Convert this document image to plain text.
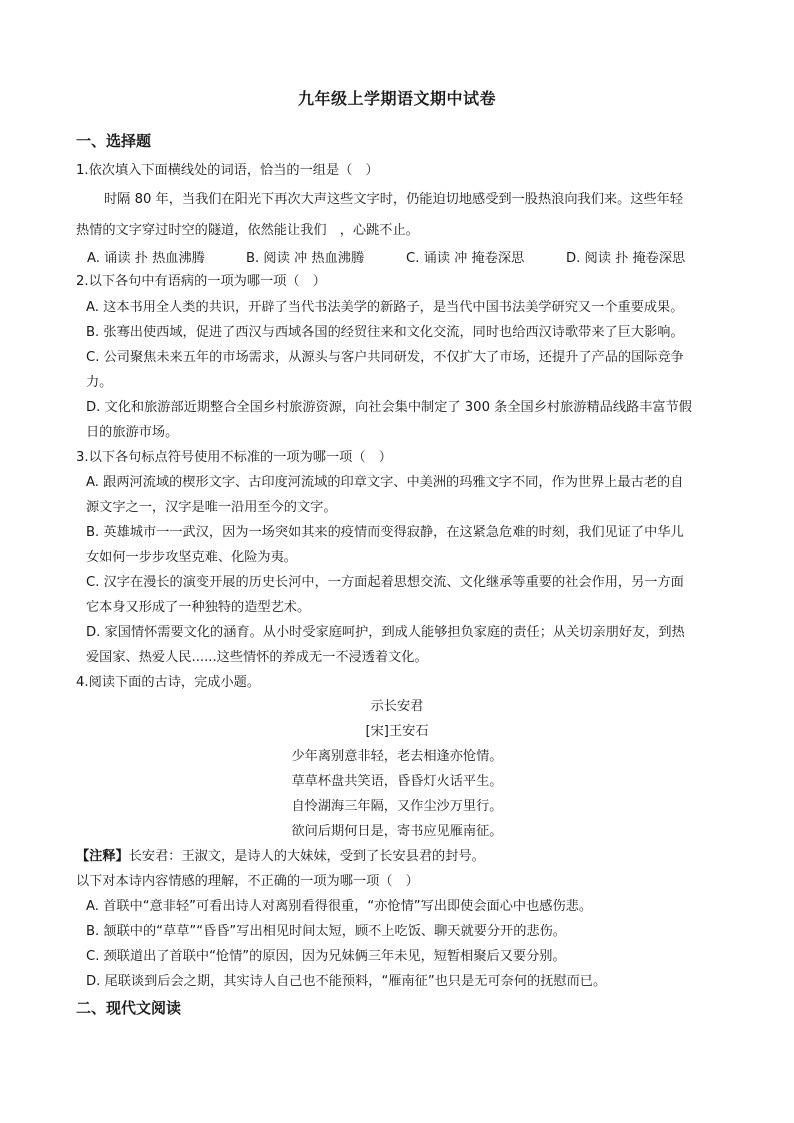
九年级上学期语文期中试卷
一、选择题
1.依次填入下面横线处的词语，恰当的一组是（　）
时隔 80 年，当我们在阳光下再次大声这些文字时，仍能迫切地感受到一股热浪向我们来。这些年轻
热情的文字穿过时空的隧道，依然能让我们　，心跳不止。
A. 诵读 扑 热血沸腾	B. 阅读 冲 热血沸腾	C. 诵读 冲 掩卷深思	D. 阅读 扑 掩卷深思
2.以下各句中有语病的一项为哪一项（　）
A. 这本书用全人类的共识，开辟了当代书法美学的新路子，是当代中国书法美学研究又一个重要成果。
B. 张骞出使西域，促进了西汉与西域各国的经贸往来和文化交流，同时也给西汉诗歌带来了巨大影响。
C. 公司聚焦未来五年的市场需求，从源头与客户共同研发，不仅扩大了市场，还提升了产品的国际竞争
力。
D. 文化和旅游部近期整合全国乡村旅游资源，向社会集中制定了 300 条全国乡村旅游精品线路丰富节假
日的旅游市场。
3.以下各句标点符号使用不标准的一项为哪一项（　）
A. 跟两河流域的楔形文字、古印度河流域的印章文字、中美洲的玛雅文字不同，作为世界上最古老的自
源文字之一，汉字是唯一沿用至今的文字。
B. 英雄城市一一武汉，因为一场突如其来的疫情而变得寂静，在这紧急危难的时刻，我们见证了中华儿
女如何一步步攻坚克难、化险为夷。
C. 汉字在漫长的演变开展的历史长河中，一方面起着思想交流、文化继承等重要的社会作用，另一方面
它本身又形成了一种独特的造型艺术。
D. 家国情怀需要文化的涵育。从小时受家庭呵护，到成人能够担负家庭的责任；从关切亲朋好友，到热
爱国家、热爱人民......这些情怀的养成无一不浸透着文化。
4.阅读下面的古诗，完成小题。
示长安君
[宋]王安石
少年离别意非轻，老去相逢亦怆情。
草草杯盘共笑语，昏昏灯火话平生。
自怜湖海三年隔，又作尘沙万里行。
欲问后期何日是，寄书应见雁南征。
【注释】长安君：王淑文，是诗人的大妹妹，受到了长安县君的封号。
以下对本诗内容情感的理解，不正确的一项为哪一项（　）
A. 首联中“意非轻”可看出诗人对离别看得很重，“亦怆情”写出即使会面心中也感伤悲。
B. 颔联中的“草草”“昏昏”写出相见时间太短，顾不上吃饭、聊天就要分开的悲伤。
C. 颈联道出了首联中“怆情”的原因，因为兄妹俩三年未见，短暂相聚后又要分别。
D. 尾联谈到后会之期，其实诗人自己也不能预料，“雁南征”也只是无可奈何的抚慰而已。
二、现代文阅读
